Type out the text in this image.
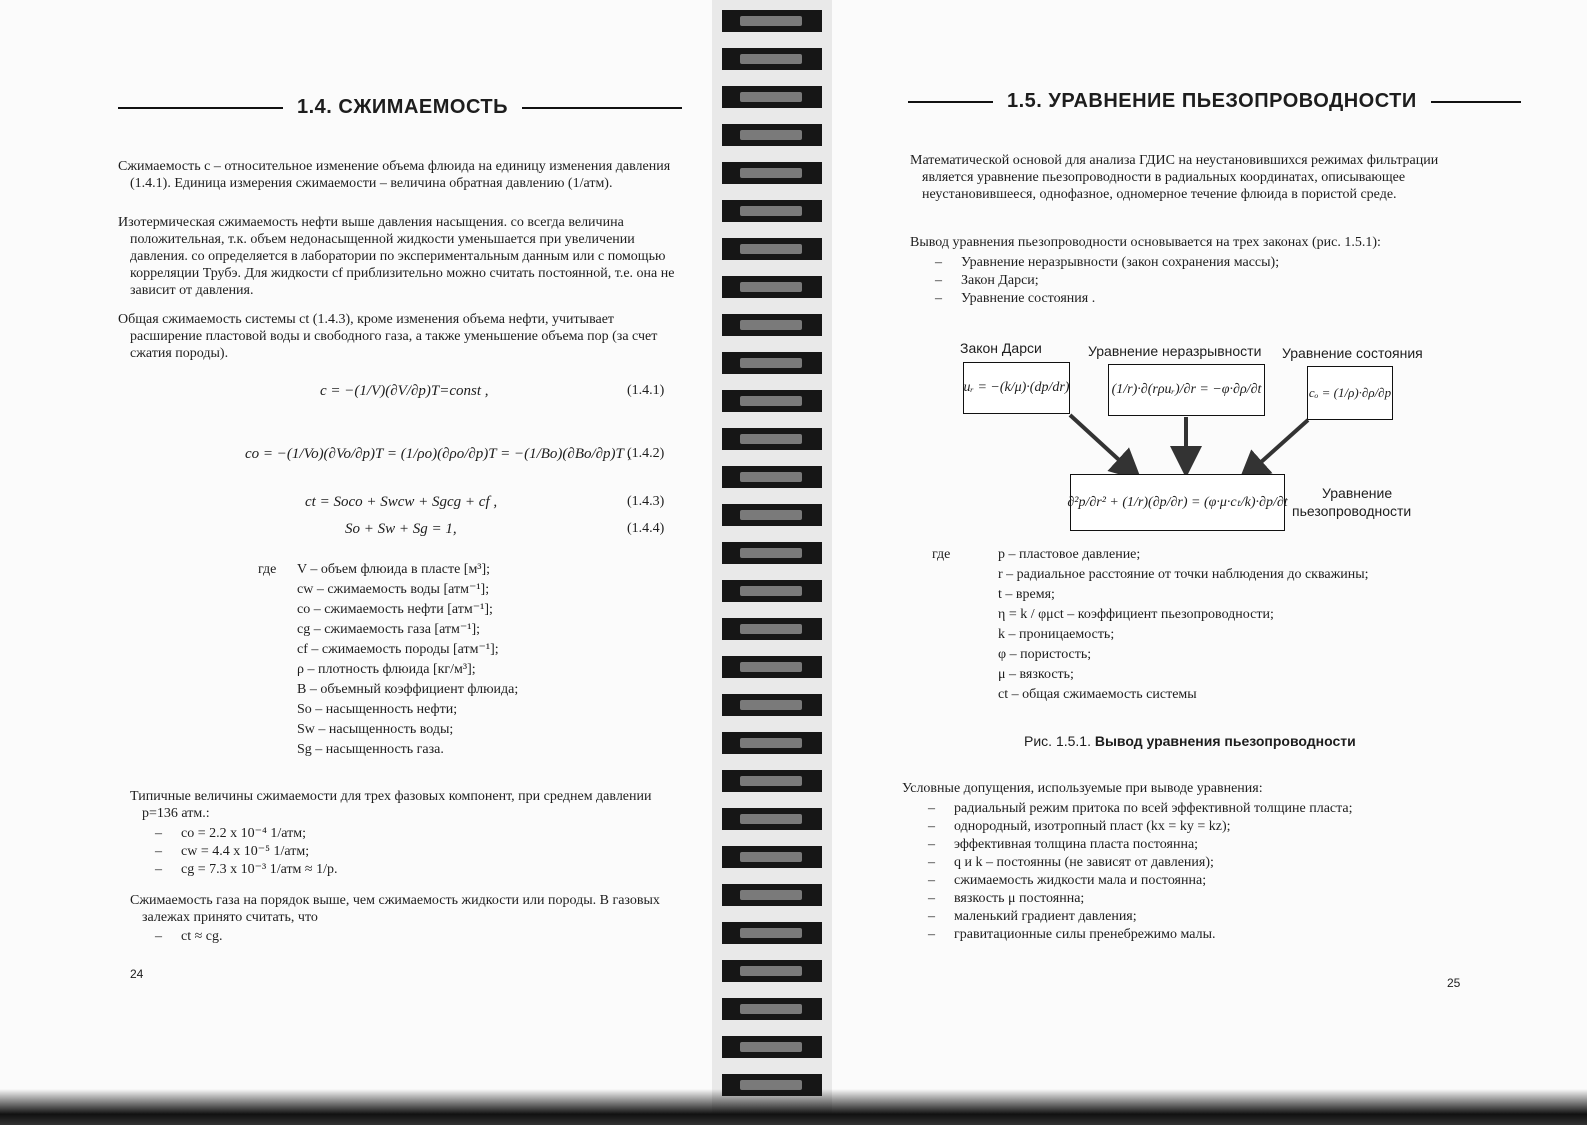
1.4. СЖИМАЕМОСТЬ

Сжимаемость c – относительное изменение объема флюида на единицу изменения давления (1.4.1). Единица измерения сжимаемости – величина обратная давлению (1/атм).

Изотермическая сжимаемость нефти выше давления насыщения. co всегда величина положительная, т.к. объем недонасыщенной жидкости уменьшается при увеличении давления. co определяется в лаборатории по экспериментальным данным или с помощью корреляции Трубэ. Для жидкости cf приблизительно можно считать постоянной, т.е. она не зависит от давления.

Общая сжимаемость системы ct (1.4.3), кроме изменения объема нефти, учитывает расширение пластовой воды и свободного газа, а также уменьшение объема пор (за счет сжатия породы).

c = −(1/V)(∂V/∂p)T=const ,	(1.4.1)
co = −(1/Vo)(∂Vo/∂p)T = (1/ρo)(∂ρo/∂p)T = −(1/Bo)(∂Bo/∂p)T ,
(1.4.2)
ct = Soco + Swcw + Sgcg + cf ,	(1.4.3)
So + Sw + Sg = 1,	(1.4.4)
где V – объем флюида в пласте [м³];
cw – сжимаемость воды [атм⁻¹];
co – сжимаемость нефти [атм⁻¹];
cg – сжимаемость газа [атм⁻¹];
cf – сжимаемость породы [атм⁻¹];
ρ – плотность флюида [кг/м³];
B – объемный коэффициент флюида;
So – насыщенность нефти;
Sw – насыщенность воды;
Sg – насыщенность газа.

Типичные величины сжимаемости для трех фазовых компонент, при среднем давлении p=136 атм.:

– co = 2.2 x 10⁻⁴ 1/атм;
– cw = 4.4 x 10⁻⁵ 1/атм;
– cg = 7.3 x 10⁻³ 1/атм ≈ 1/p.

Сжимаемость газа на порядок выше, чем сжимаемость жидкости или породы. В газовых залежах принято считать, что

– ct ≈ cg.
24
1.5. УРАВНЕНИЕ ПЬЕЗОПРОВОДНОСТИ

Математической основой для анализа ГДИС на неустановившихся режимах фильтрации является уравнение пьезопроводности в радиальных координатах, описывающее неустановившееся, однофазное, одномерное течение флюида в пористой среде.

Вывод уравнения пьезопроводности основывается на трех законах (рис. 1.5.1):

– Уравнение неразрывности (закон сохранения массы);
– Закон Дарси;
– Уравнение состояния .
Закон Дарси	Уравнение неразрывности Уравнение состояния
uᵣ = −(k/μ)·(dp/dr)	(1/r)·∂(rρuᵣ)/∂r = −φ·∂ρ/∂t	cₒ = (1/ρ)·∂ρ/∂p
∂²p/∂r² + (1/r)(∂p/∂r) = (φ·μ·cₜ/k)·∂p/∂t
Уравнение
пьезопроводности
где	p – пластовое давление;
r – радиальное расстояние от точки наблюдения до скважины;
t – время;
η = k / φμct – коэффициент пьезопроводности;
k – проницаемость;
φ – пористость;
μ – вязкость;
ct – общая сжимаемость системы
Рис. 1.5.1. Вывод уравнения пьезопроводности

Условные допущения, используемые при выводе уравнения:

– радиальный режим притока по всей эффективной толщине пласта;
– однородный, изотропный пласт (kx = ky = kz);
– эффективная толщина пласта постоянна;
– q и k – постоянны (не зависят от давления);
– сжимаемость жидкости мала и постоянна;
– вязкость μ постоянна;
– маленький градиент давления;
– гравитационные силы пренебрежимо малы.
25
